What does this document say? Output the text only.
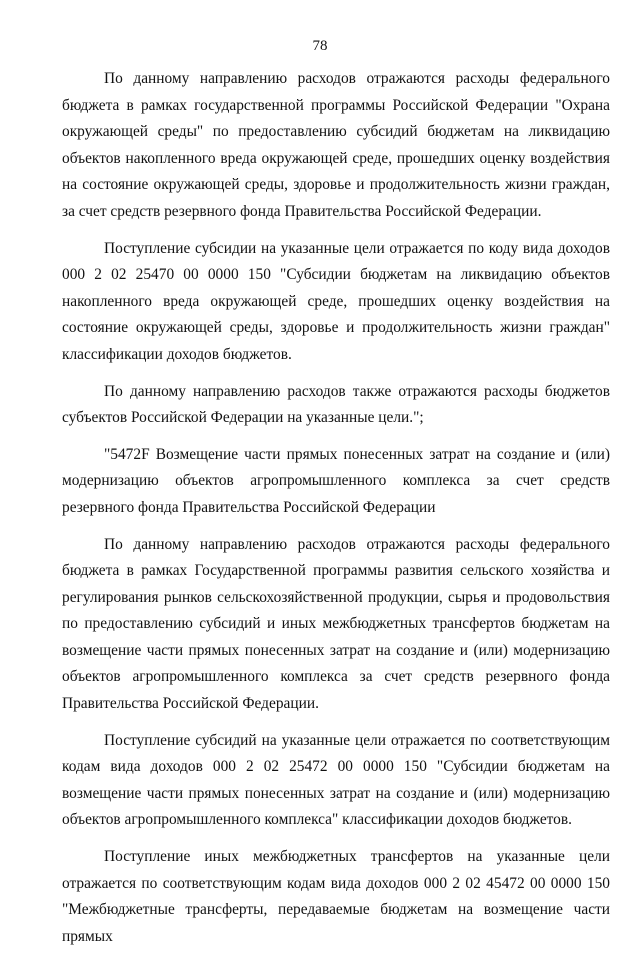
78

По данному направлению расходов отражаются расходы федерального бюджета в рамках государственной программы Российской Федерации "Охрана окружающей среды" по предоставлению субсидий бюджетам на ликвидацию объектов накопленного вреда окружающей среде, прошедших оценку воздействия на состояние окружающей среды, здоровье и продолжительность жизни граждан, за счет средств резервного фонда Правительства Российской Федерации.

Поступление субсидии на указанные цели отражается по коду вида доходов 000 2 02 25470 00 0000 150 "Субсидии бюджетам на ликвидацию объектов накопленного вреда окружающей среде, прошедших оценку воздействия на состояние окружающей среды, здоровье и продолжительность жизни граждан" классификации доходов бюджетов.

По данному направлению расходов также отражаются расходы бюджетов субъектов Российской Федерации на указанные цели.";

"5472F Возмещение части прямых понесенных затрат на создание и (или) модернизацию объектов агропромышленного комплекса за счет средств резервного фонда Правительства Российской Федерации

По данному направлению расходов отражаются расходы федерального бюджета в рамках Государственной программы развития сельского хозяйства и регулирования рынков сельскохозяйственной продукции, сырья и продовольствия по предоставлению субсидий и иных межбюджетных трансфертов бюджетам на возмещение части прямых понесенных затрат на создание и (или) модернизацию объектов агропромышленного комплекса за счет средств резервного фонда Правительства Российской Федерации.

Поступление субсидий на указанные цели отражается по соответствующим кодам вида доходов 000 2 02 25472 00 0000 150 "Субсидии бюджетам на возмещение части прямых понесенных затрат на создание и (или) модернизацию объектов агропромышленного комплекса" классификации доходов бюджетов.

Поступление иных межбюджетных трансфертов на указанные цели отражается по соответствующим кодам вида доходов 000 2 02 45472 00 0000 150 "Межбюджетные трансферты, передаваемые бюджетам на возмещение части прямых
